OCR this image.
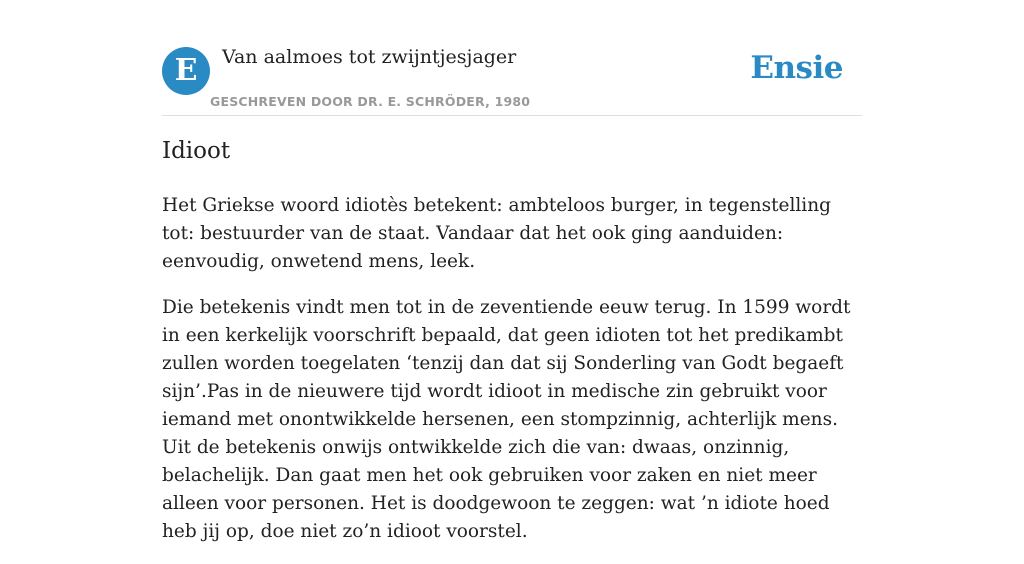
E	Van aalmoes tot zwijntjesjager
GESCHREVEN DOOR DR. E. SCHRÖDER, 1980
Ensie
Idioot

Het Griekse woord idiotès betekent: ambteloos burger, in tegenstelling tot: bestuurder van de staat. Vandaar dat het ook ging aanduiden: eenvoudig, onwetend mens, leek.

Die betekenis vindt men tot in de zeventiende eeuw terug. In 1599 wordt in een kerkelijk voorschrift bepaald, dat geen idioten tot het predikambt zullen worden toegelaten ‘tenzij dan dat sij Sonderling van Godt begaeft sijn’.Pas in de nieuwere tijd wordt idioot in medische zin gebruikt voor iemand met onontwikkelde hersenen, een stompzinnig, achterlijk mens. Uit de betekenis onwijs ontwikkelde zich die van: dwaas, onzinnig, belachelijk. Dan gaat men het ook gebruiken voor zaken en niet meer alleen voor personen. Het is doodgewoon te zeggen: wat ’n idiote hoed heb jij op, doe niet zo’n idioot voorstel.
